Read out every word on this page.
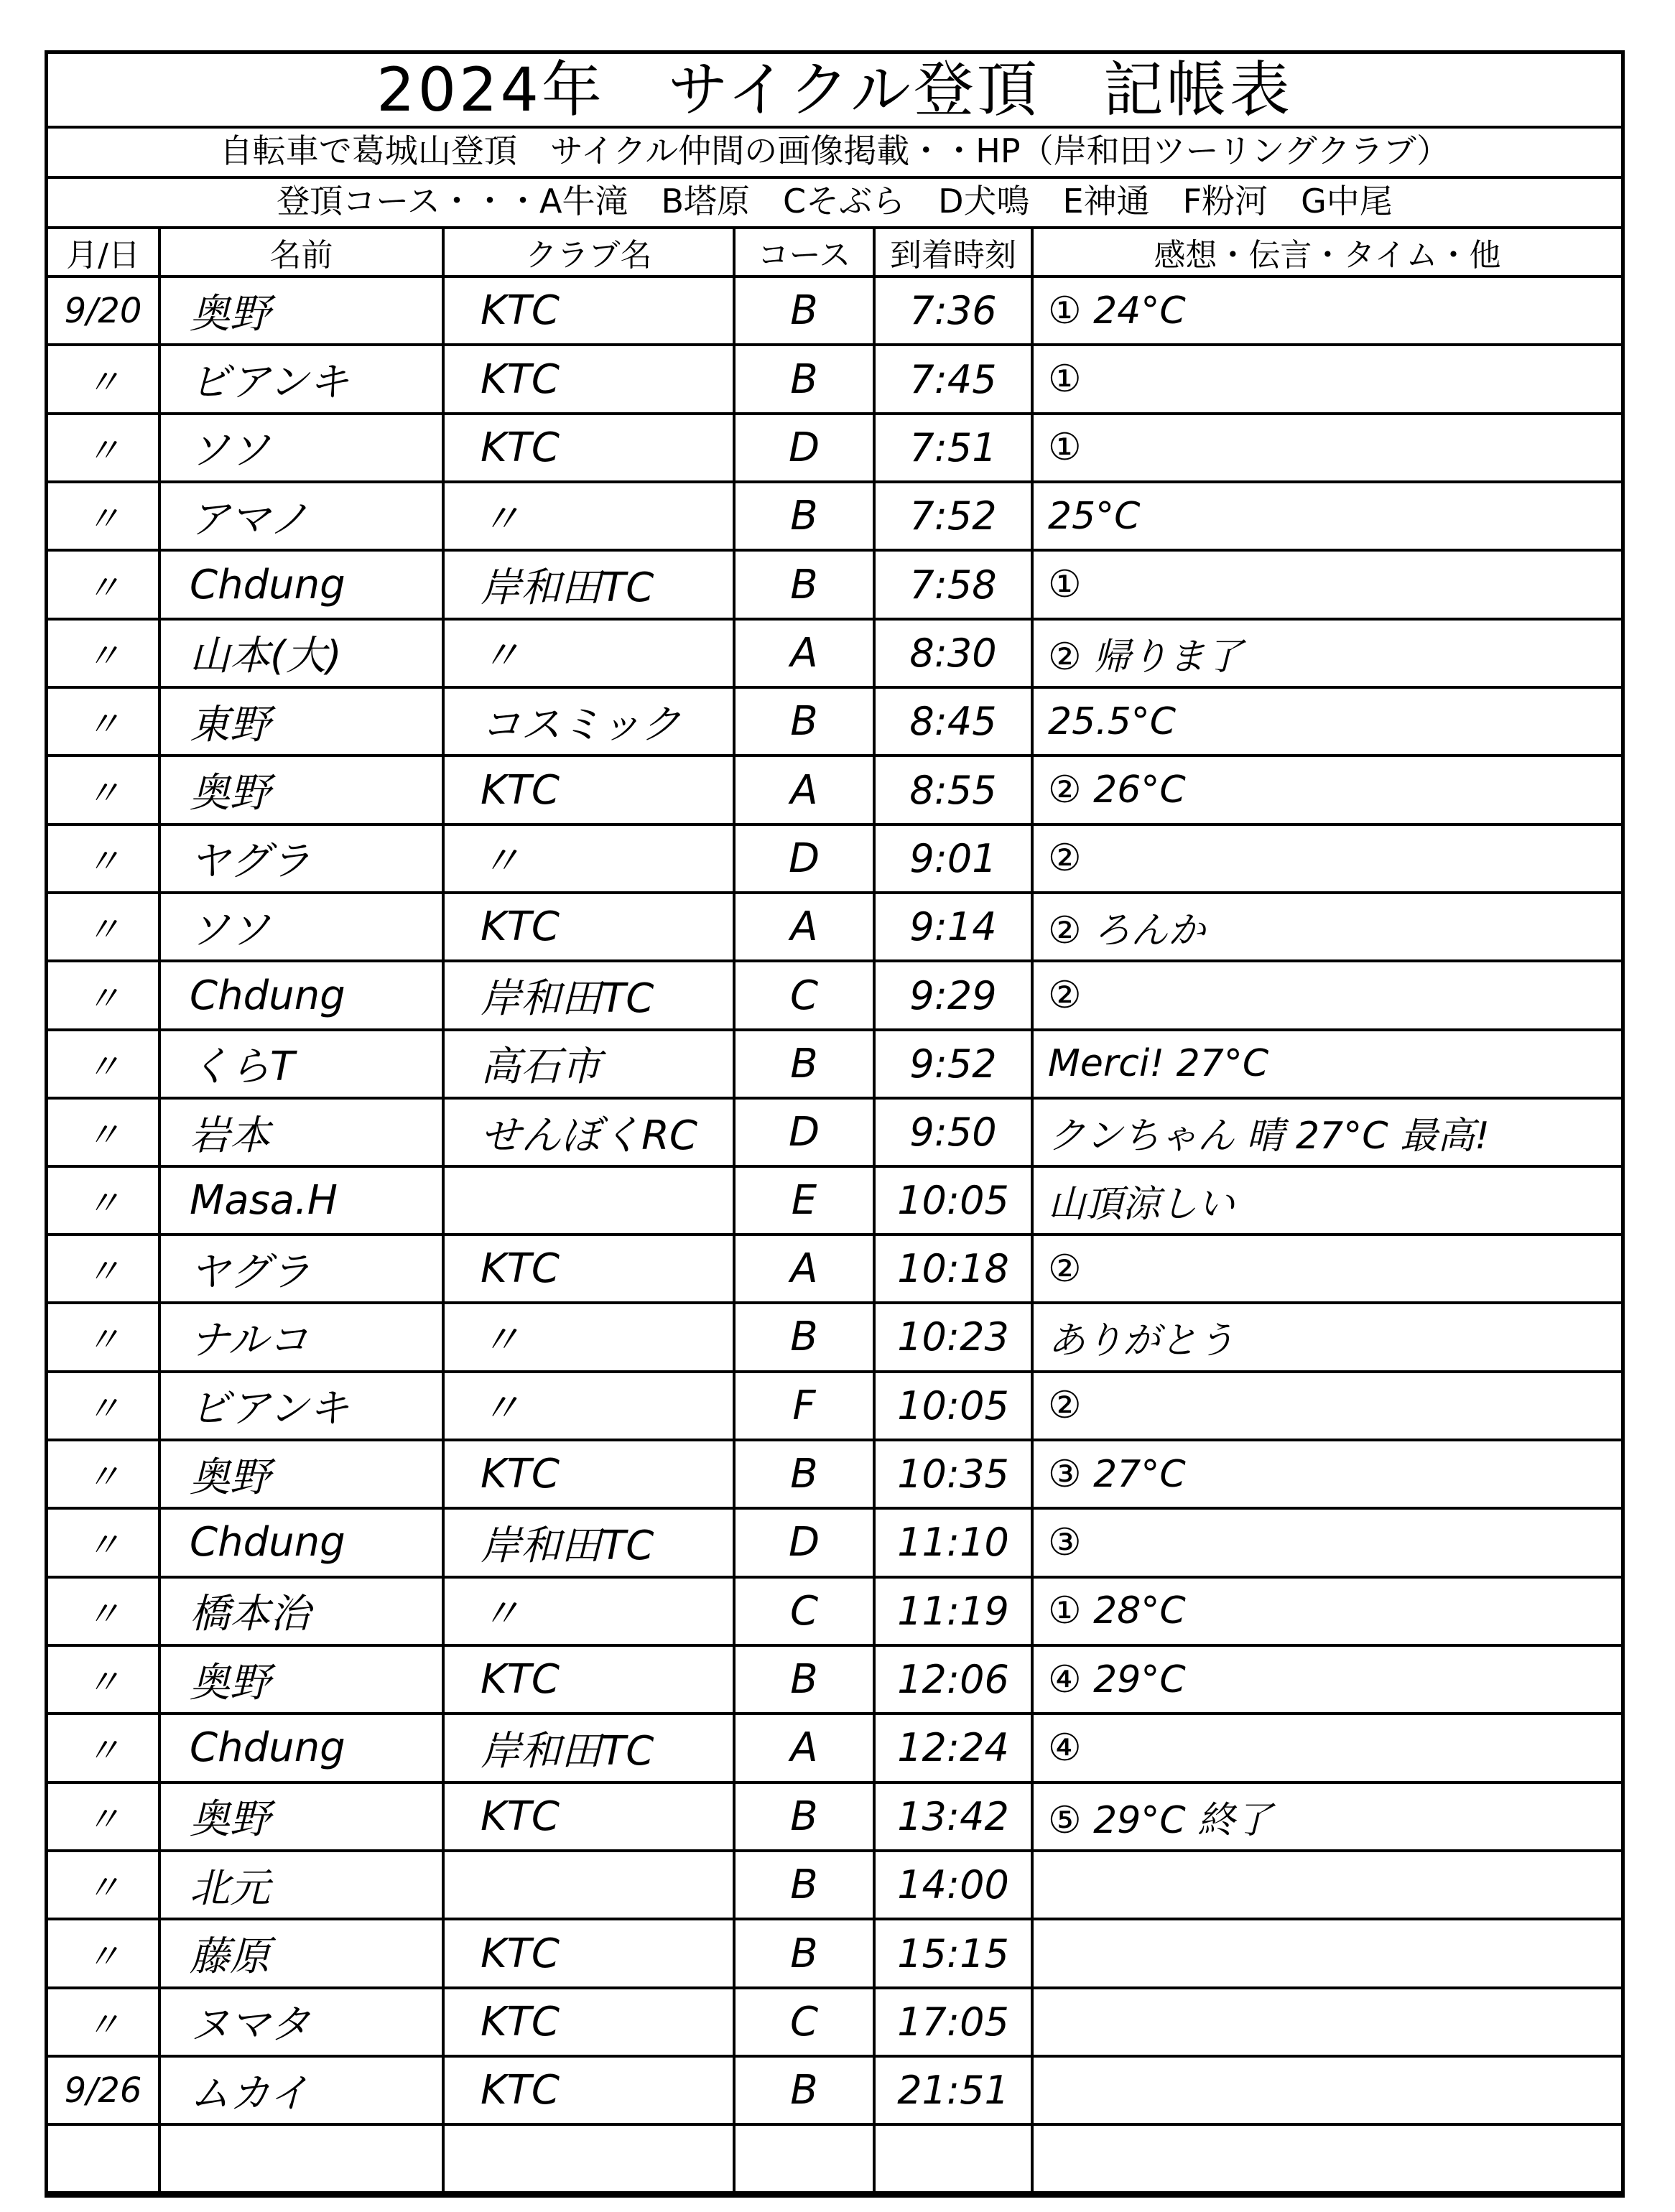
2024年　サイクル登頂　記帳表
自転車で葛城山登頂　サイクル仲間の画像掲載・・HP（岸和田ツーリングクラブ）
登頂コース・・・A牛滝　B塔原　Cそぶら　D犬鳴　E神通　F粉河　G中尾
月/日	名前	クラブ名	コース	到着時刻	感想・伝言・タイム・他
9/20	奥野	KTC	B	7:36	① 24°C
〃	ビアンキ	KTC	B	7:45	①
〃	ソソ	KTC	D	7:51	①
〃	アマノ	〃	B	7:52	25°C
〃	Chdung	岸和田TC	B	7:58	①
〃	山本(大)	〃	A	8:30	② 帰りま了
〃	東野	コスミック	B	8:45	25.5°C
〃	奥野	KTC	A	8:55	② 26°C
〃	ヤグラ	〃	D	9:01	②
〃	ソソ	KTC	A	9:14	② ろんか
〃	Chdung	岸和田TC	C	9:29	②
〃	くらT	高石市	B	9:52	Merci! 27°C
〃	岩本	せんぼくRC	D	9:50	クンちゃん 晴 27°C 最高!
〃	Masa.H		E	10:05	山頂涼しい
〃	ヤグラ	KTC	A	10:18	②
〃	ナルコ	〃	B	10:23	ありがとう
〃	ビアンキ	〃	F	10:05	②
〃	奥野	KTC	B	10:35	③ 27°C
〃	Chdung	岸和田TC	D	11:10	③
〃	橋本治	〃	C	11:19	① 28°C
〃	奥野	KTC	B	12:06	④ 29°C
〃	Chdung	岸和田TC	A	12:24	④
〃	奥野	KTC	B	13:42	⑤ 29°C 終了
〃	北元		B	14:00	
〃	藤原	KTC	B	15:15	
〃	ヌマタ	KTC	C	17:05	
9/26	ムカイ	KTC	B	21:51	
